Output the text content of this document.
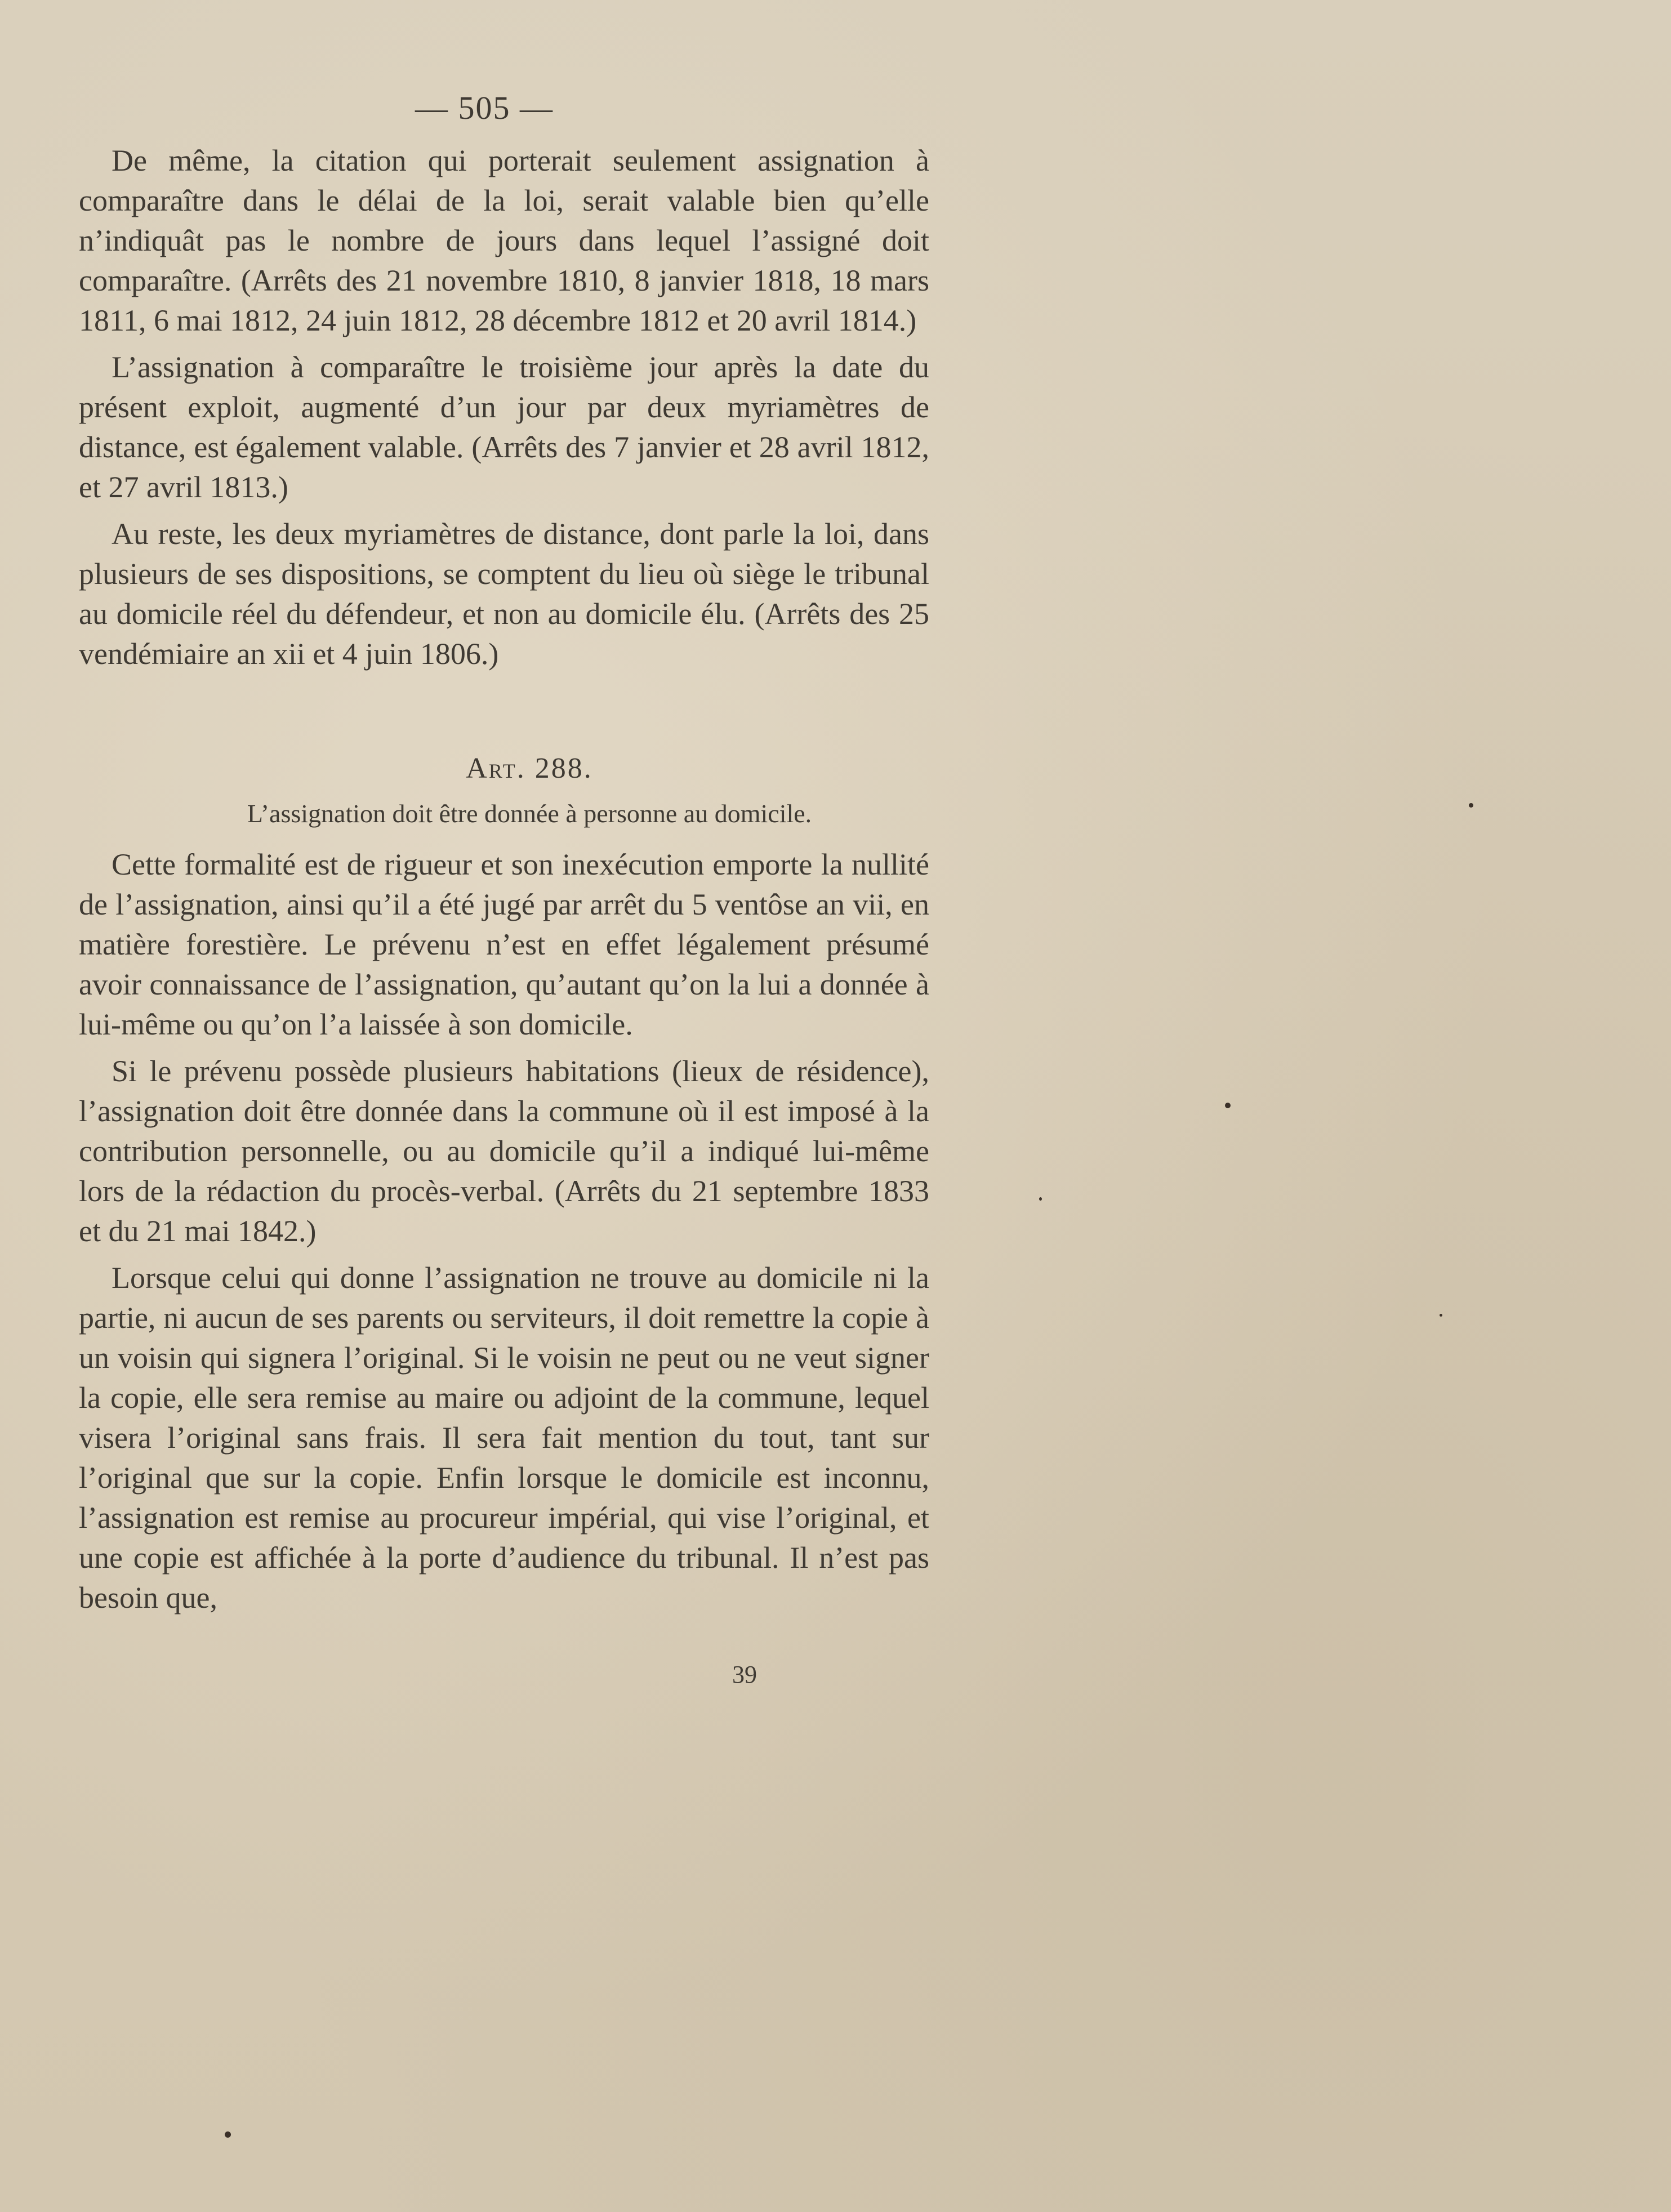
— 505 —

De même, la citation qui porterait seulement assignation à comparaître dans le délai de la loi, serait valable bien qu’elle n’indiquât pas le nombre de jours dans lequel l’assigné doit comparaître. (Arrêts des 21 novembre 1810, 8 janvier 1818, 18 mars 1811, 6 mai 1812, 24 juin 1812, 28 décembre 1812 et 20 avril 1814.)

L’assignation à comparaître le troisième jour après la date du présent exploit, augmenté d’un jour par deux myriamètres de distance, est également valable. (Arrêts des 7 janvier et 28 avril 1812, et 27 avril 1813.)

Au reste, les deux myriamètres de distance, dont parle la loi, dans plusieurs de ses dispositions, se comptent du lieu où siège le tribunal au domicile réel du défendeur, et non au domicile élu. (Arrêts des 25 vendémiaire an xii et 4 juin 1806.)

Art. 288.
L’assignation doit être donnée à personne au domicile.

Cette formalité est de rigueur et son inexécution emporte la nullité de l’assignation, ainsi qu’il a été jugé par arrêt du 5 ventôse an vii, en matière forestière. Le prévenu n’est en effet légalement présumé avoir connaissance de l’assignation, qu’autant qu’on la lui a donnée à lui-même ou qu’on l’a laissée à son domicile.

Si le prévenu possède plusieurs habitations (lieux de résidence), l’assignation doit être donnée dans la commune où il est imposé à la contribution personnelle, ou au domicile qu’il a indiqué lui-même lors de la rédaction du procès-verbal. (Arrêts du 21 septembre 1833 et du 21 mai 1842.)

Lorsque celui qui donne l’assignation ne trouve au domicile ni la partie, ni aucun de ses parents ou serviteurs, il doit remettre la copie à un voisin qui signera l’original. Si le voisin ne peut ou ne veut signer la copie, elle sera remise au maire ou adjoint de la commune, lequel visera l’original sans frais. Il sera fait mention du tout, tant sur l’original que sur la copie. Enfin lorsque le domicile est inconnu, l’assignation est remise au procureur impérial, qui vise l’original, et une copie est affichée à la porte d’audience du tribunal. Il n’est pas besoin que,

39
